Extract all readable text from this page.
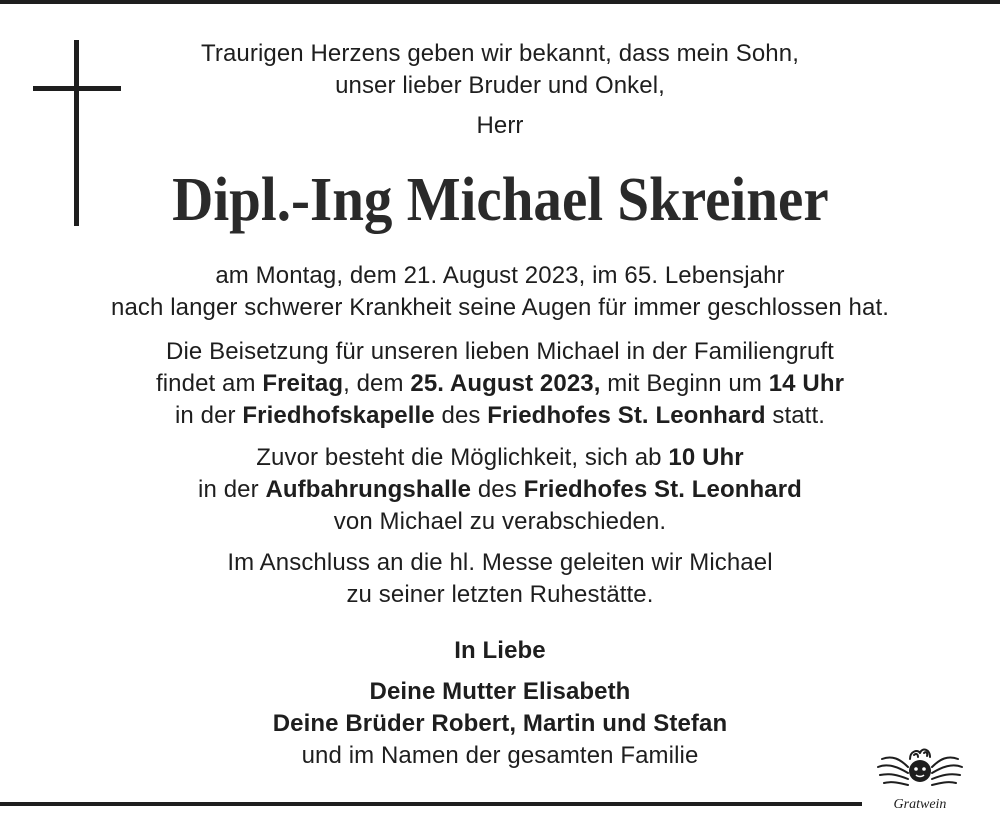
Traurigen Herzens geben wir bekannt, dass mein Sohn,
unser lieber Bruder und Onkel,
Herr
Dipl.-Ing Michael Skreiner
am Montag, dem 21. August 2023, im 65. Lebensjahr
nach langer schwerer Krankheit seine Augen für immer geschlossen hat.
Die Beisetzung für unseren lieben Michael in der Familiengruft
findet am Freitag, dem 25. August 2023, mit Beginn um 14 Uhr
in der Friedhofskapelle des Friedhofes St. Leonhard statt.
Zuvor besteht die Möglichkeit, sich ab 10 Uhr
in der Aufbahrungshalle des Friedhofes St. Leonhard
von Michael zu verabschieden.
Im Anschluss an die hl. Messe geleiten wir Michael
zu seiner letzten Ruhestätte.
In Liebe
Deine Mutter Elisabeth
Deine Brüder Robert, Martin und Stefan
und im Namen der gesamten Familie
Gratwein
